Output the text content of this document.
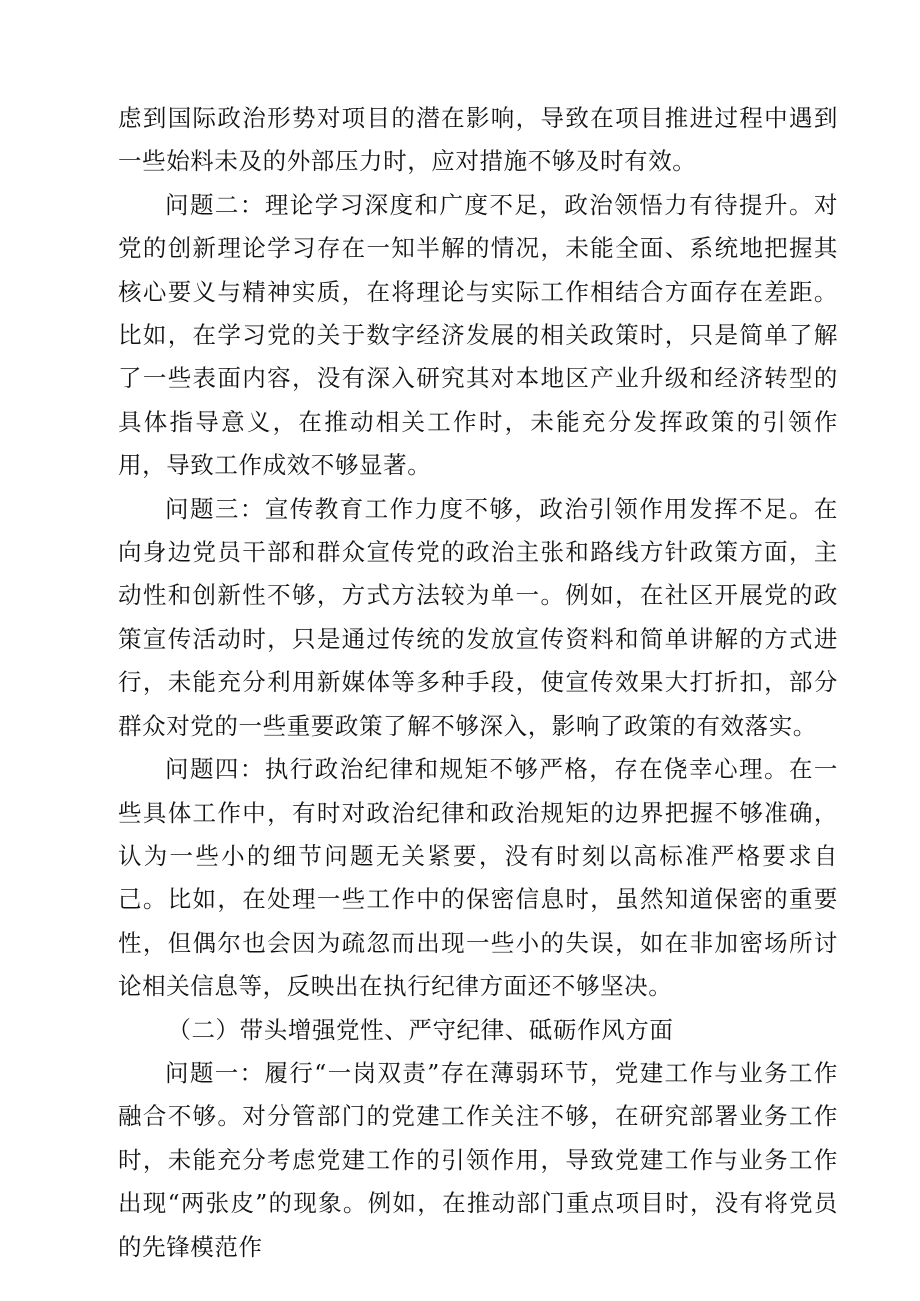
虑到国际政治形势对项目的潜在影响，导致在项目推进过程中遇到一些始料未及的外部压力时，应对措施不够及时有效。

问题二：理论学习深度和广度不足，政治领悟力有待提升。对党的创新理论学习存在一知半解的情况，未能全面、系统地把握其核心要义与精神实质，在将理论与实际工作相结合方面存在差距。比如，在学习党的关于数字经济发展的相关政策时，只是简单了解了一些表面内容，没有深入研究其对本地区产业升级和经济转型的具体指导意义，在推动相关工作时，未能充分发挥政策的引领作用，导致工作成效不够显著。

问题三：宣传教育工作力度不够，政治引领作用发挥不足。在向身边党员干部和群众宣传党的政治主张和路线方针政策方面，主动性和创新性不够，方式方法较为单一。例如，在社区开展党的政策宣传活动时，只是通过传统的发放宣传资料和简单讲解的方式进行，未能充分利用新媒体等多种手段，使宣传效果大打折扣，部分群众对党的一些重要政策了解不够深入，影响了政策的有效落实。

问题四：执行政治纪律和规矩不够严格，存在侥幸心理。在一些具体工作中，有时对政治纪律和政治规矩的边界把握不够准确，认为一些小的细节问题无关紧要，没有时刻以高标准严格要求自己。比如，在处理一些工作中的保密信息时，虽然知道保密的重要性，但偶尔也会因为疏忽而出现一些小的失误，如在非加密场所讨论相关信息等，反映出在执行纪律方面还不够坚决。

（二）带头增强党性、严守纪律、砥砺作风方面

问题一：履行“一岗双责”存在薄弱环节，党建工作与业务工作融合不够。对分管部门的党建工作关注不够，在研究部署业务工作时，未能充分考虑党建工作的引领作用，导致党建工作与业务工作出现“两张皮”的现象。例如，在推动部门重点项目时，没有将党员的先锋模范作
